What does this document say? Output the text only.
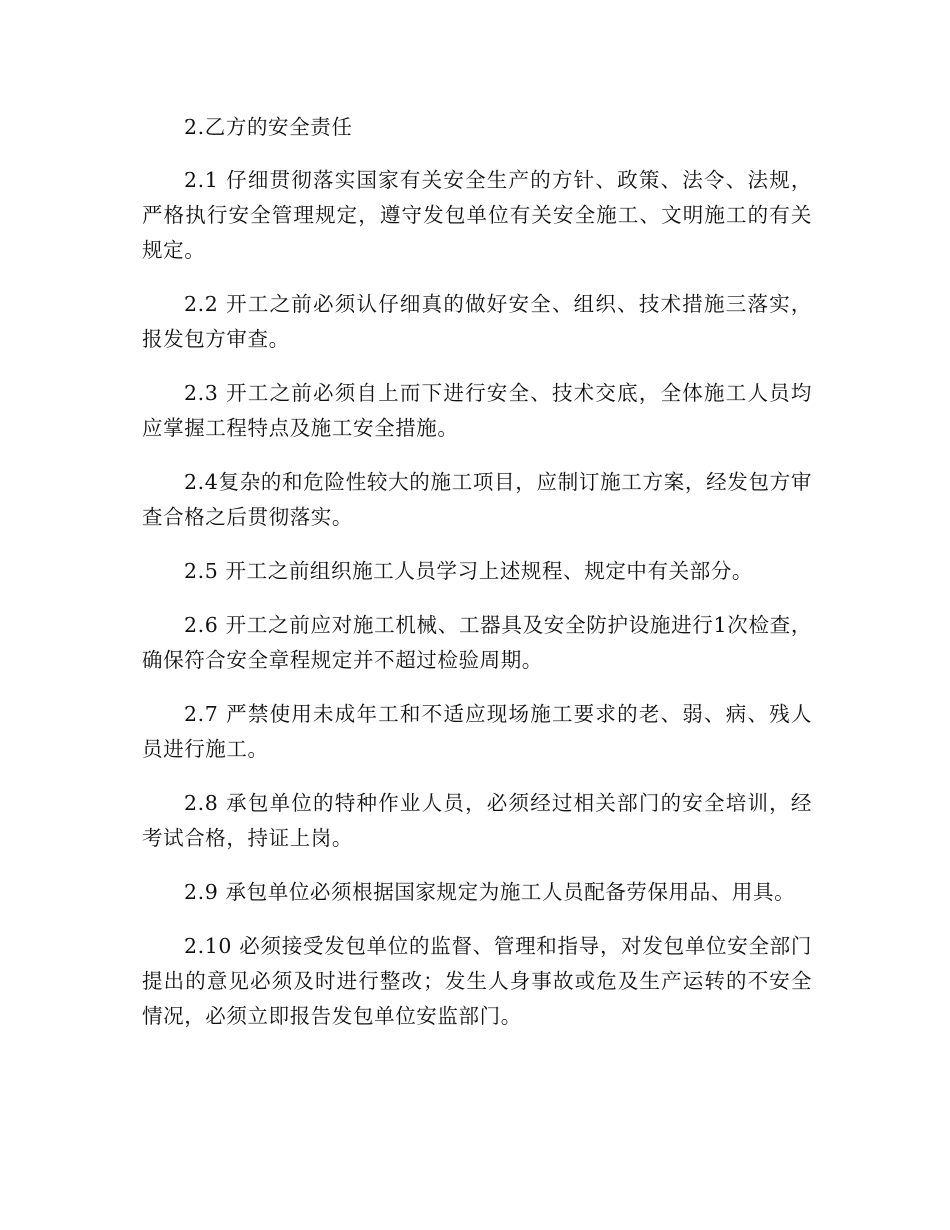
2.乙方的安全责任

2.1 仔细贯彻落实国家有关安全生产的方针、政策、法令、法规，严格执行安全管理规定，遵守发包单位有关安全施工、文明施工的有关规定。

2.2 开工之前必须认仔细真的做好安全、组织、技术措施三落实，报发包方审查。

2.3 开工之前必须自上而下进行安全、技术交底，全体施工人员均应掌握工程特点及施工安全措施。

2.4复杂的和危险性较大的施工项目，应制订施工方案，经发包方审查合格之后贯彻落实。

2.5 开工之前组织施工人员学习上述规程、规定中有关部分。

2.6 开工之前应对施工机械、工器具及安全防护设施进行1次检查，确保符合安全章程规定并不超过检验周期。

2.7 严禁使用未成年工和不适应现场施工要求的老、弱、病、残人员进行施工。

2.8 承包单位的特种作业人员，必须经过相关部门的安全培训，经考试合格，持证上岗。

2.9 承包单位必须根据国家规定为施工人员配备劳保用品、用具。

2.10 必须接受发包单位的监督、管理和指导，对发包单位安全部门提出的意见必须及时进行整改；发生人身事故或危及生产运转的不安全情况，必须立即报告发包单位安监部门。
